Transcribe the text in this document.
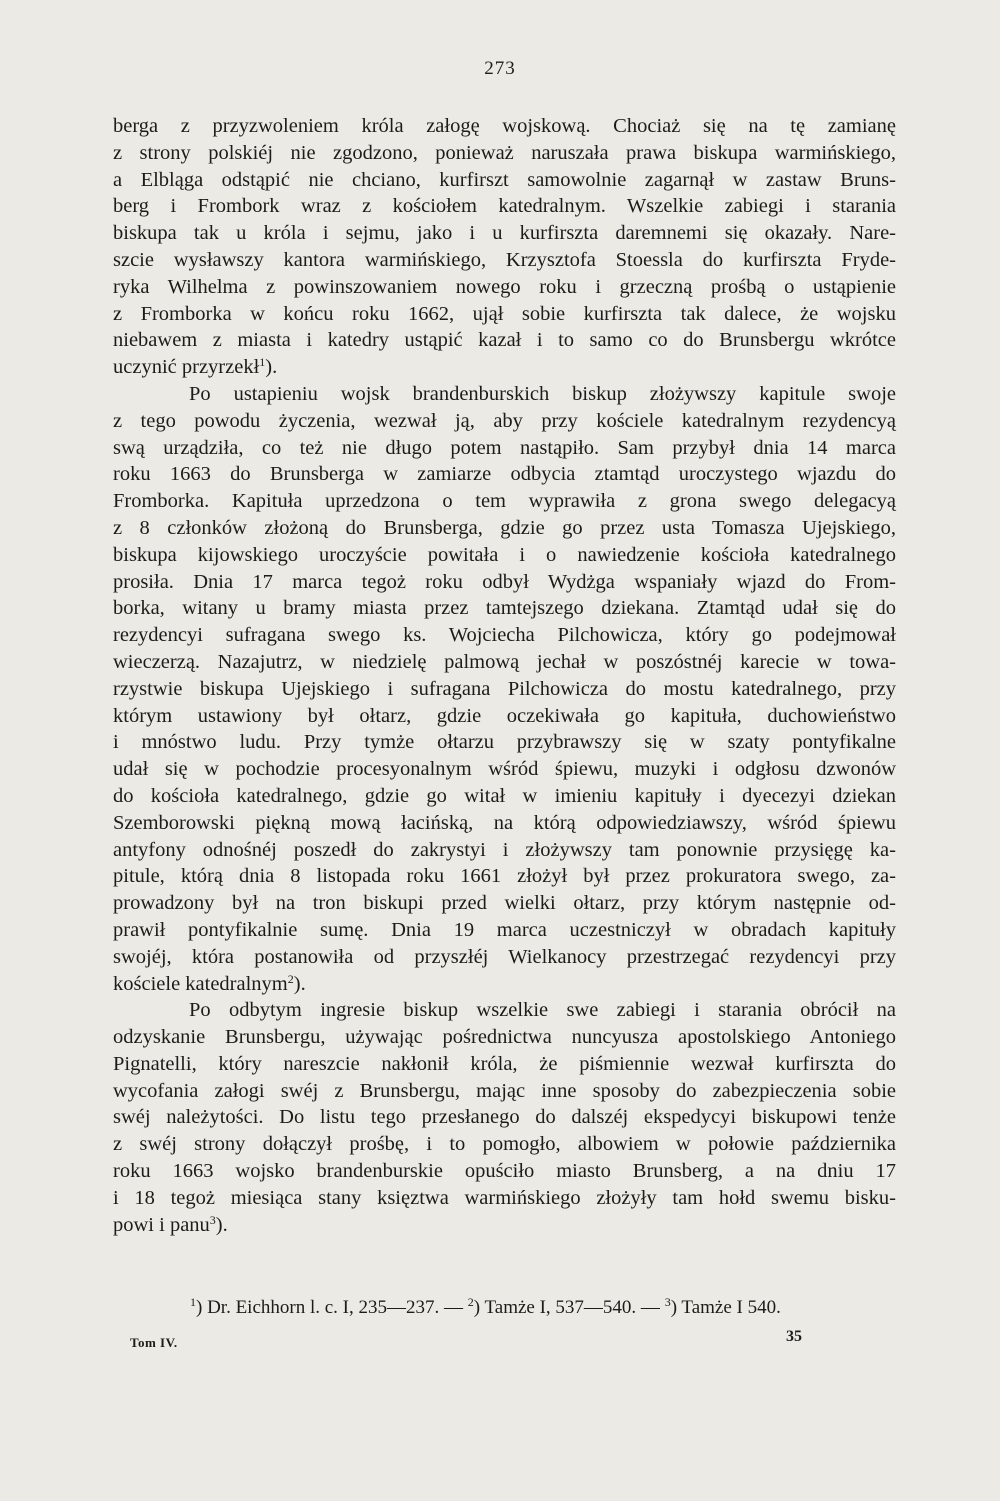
273
berga z przyzwoleniem króla załogę wojskową. Chociaż się na tę zamianę
z strony polskiéj nie zgodzono, ponieważ naruszała prawa biskupa warmińskiego,
a Elbląga odstąpić nie chciano, kurfirszt samowolnie zagarnął w zastaw Bruns-
berg i Frombork wraz z kościołem katedralnym. Wszelkie zabiegi i starania
biskupa tak u króla i sejmu, jako i u kurfirszta daremnemi się okazały. Nare-
szcie wysławszy kantora warmińskiego, Krzysztofa Stoessla do kurfirszta Fryde-
ryka Wilhelma z powinszowaniem nowego roku i grzeczną prośbą o ustąpienie
z Fromborka w końcu roku 1662, ujął sobie kurfirszta tak dalece, że wojsku
niebawem z miasta i katedry ustąpić kazał i to samo co do Brunsbergu wkrótce
uczynić przyrzekł$^1$).
Po ustapieniu wojsk brandenburskich biskup złożywszy kapitule swoje
z tego powodu życzenia, wezwał ją, aby przy kościele katedralnym rezydencyą
swą urządziła, co też nie długo potem nastąpiło. Sam przybył dnia 14 marca
roku 1663 do Brunsberga w zamiarze odbycia ztamtąd uroczystego wjazdu do
Fromborka. Kapituła uprzedzona o tem wyprawiła z grona swego delegacyą
z 8 członków złożoną do Brunsberga, gdzie go przez usta Tomasza Ujejskiego,
biskupa kijowskiego uroczyście powitała i o nawiedzenie kościoła katedralnego
prosiła. Dnia 17 marca tegoż roku odbył Wydżga wspaniały wjazd do From-
borka, witany u bramy miasta przez tamtejszego dziekana. Ztamtąd udał się do
rezydencyi sufragana swego ks. Wojciecha Pilchowicza, który go podejmował
wieczerzą. Nazajutrz, w niedzielę palmową jechał w poszóstnéj karecie w towa-
rzystwie biskupa Ujejskiego i sufragana Pilchowicza do mostu katedralnego, przy
którym ustawiony był ołtarz, gdzie oczekiwała go kapituła, duchowieństwo
i mnóstwo ludu. Przy tymże ołtarzu przybrawszy się w szaty pontyfikalne
udał się w pochodzie procesyonalnym wśród śpiewu, muzyki i odgłosu dzwonów
do kościoła katedralnego, gdzie go witał w imieniu kapituły i dyecezyi dziekan
Szemborowski piękną mową łacińską, na którą odpowiedziawszy, wśród śpiewu
antyfony odnośnéj poszedł do zakrystyi i złożywszy tam ponownie przysięgę ka-
pitule, którą dnia 8 listopada roku 1661 złożył był przez prokuratora swego, za-
prowadzony był na tron biskupi przed wielki ołtarz, przy którym następnie od-
prawił pontyfikalnie sumę. Dnia 19 marca uczestniczył w obradach kapituły
swojéj, która postanowiła od przyszłéj Wielkanocy przestrzegać rezydencyi przy
kościele katedralnym$^2$).
Po odbytym ingresie biskup wszelkie swe zabiegi i starania obrócił na
odzyskanie Brunsbergu, używając pośrednictwa nuncyusza apostolskiego Antoniego
Pignatelli, który nareszcie nakłonił króla, że piśmiennie wezwał kurfirszta do
wycofania załogi swéj z Brunsbergu, mając inne sposoby do zabezpieczenia sobie
swéj należytości. Do listu tego przesłanego do dalszéj ekspedycyi biskupowi tenże
z swéj strony dołączył prośbę, i to pomogło, albowiem w połowie października
roku 1663 wojsko brandenburskie opuściło miasto Brunsberg, a na dniu 17
i 18 tegoż miesiąca stany księztwa warmińskiego złożyły tam hołd swemu bisku-
powi i panu$^3$).
$^1$) Dr. Eichhorn l. c. I, 235—237. — $^2$) Tamże I, 537—540. — $^3$) Tamże I 540.
Tom IV.	35
